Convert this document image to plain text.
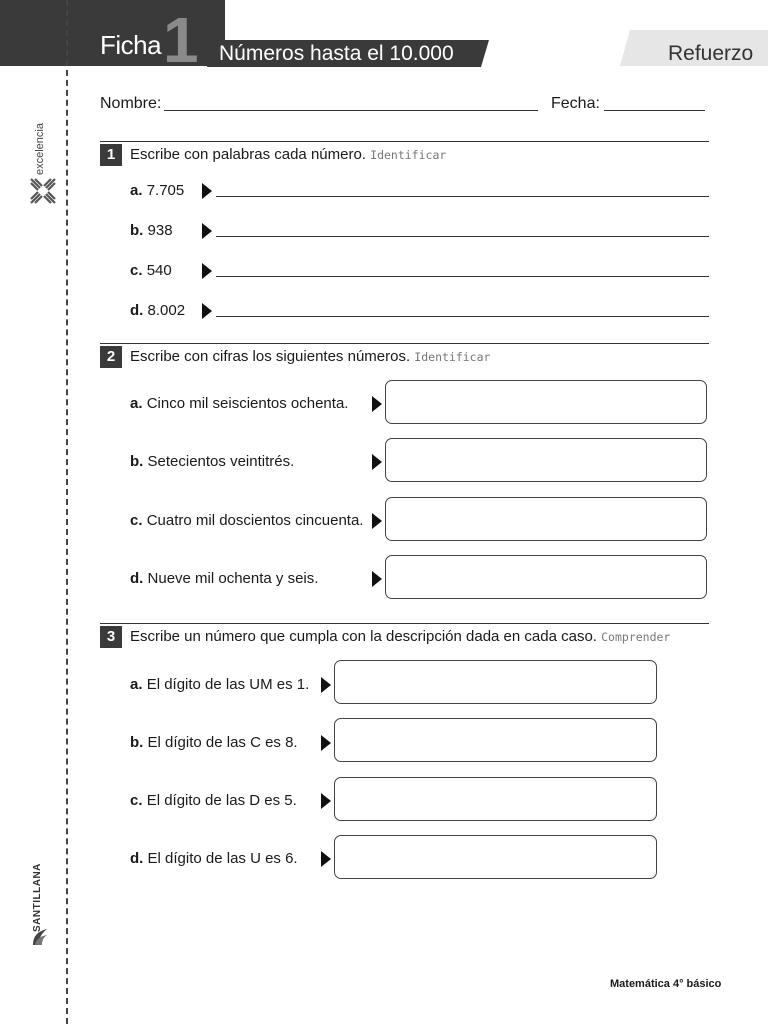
Ficha 1 Números hasta el 10.000	Refuerzo
excelencia
SANTILLANA
Nombre:	Fecha:
1 Escribe con palabras cada número. Identificar
a. 7.705
b. 938
c. 540
d. 8.002
2 Escribe con cifras los siguientes números. Identificar
a. Cinco mil seiscientos ochenta.
b. Setecientos veintitrés.
c. Cuatro mil doscientos cincuenta.
d. Nueve mil ochenta y seis.
3 Escribe un número que cumpla con la descripción dada en cada caso. Comprender
a. El dígito de las UM es 1.
b. El dígito de las C es 8.
c. El dígito de las D es 5.
d. El dígito de las U es 6.
Matemática 4° básico
